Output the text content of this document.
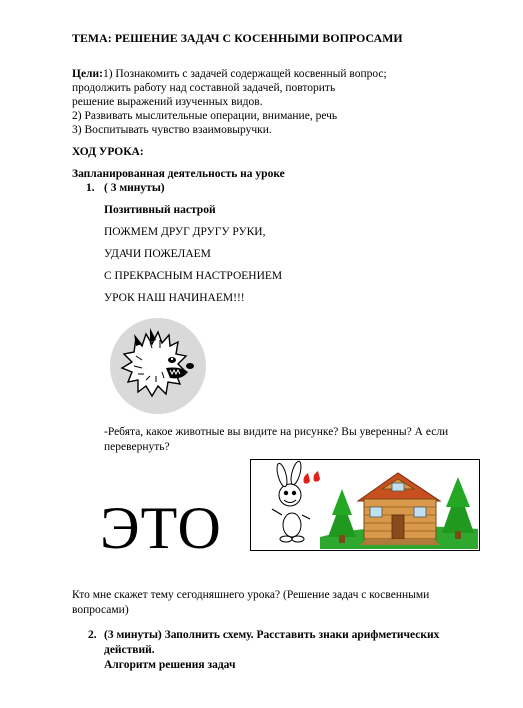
ТЕМА: РЕШЕНИЕ ЗАДАЧ С КОСЕННЫМИ ВОПРОСАМИ
Цели:1) Познакомить с задачей содержащей косвенный вопрос;
продолжить работу над составной задачей, повторить
решение выражений изученных видов.
2) Развивать мыслительные операции, внимание, речь
3) Воспитывать чувство взаимовыручки.
ХОД УРОКА:
Запланированная деятельность на уроке
1. ( 3 минуты)
Позитивный настрой
ПОЖМЕМ ДРУГ ДРУГУ РУКИ,
УДАЧИ ПОЖЕЛАЕМ
С ПРЕКРАСНЫМ НАСТРОЕНИЕМ
УРОК НАШ НАЧИНАЕМ!!!
-Ребята, какое животные вы видите на рисунке? Вы уверенны? А если
перевернуть?
ЭТО
Кто мне скажет тему сегодняшнего урока? (Решение задач с косвенными
вопросами)
2. (3 минуты) Заполнить схему. Расставить знаки арифметических
действий.
Алгоритм решения задач
